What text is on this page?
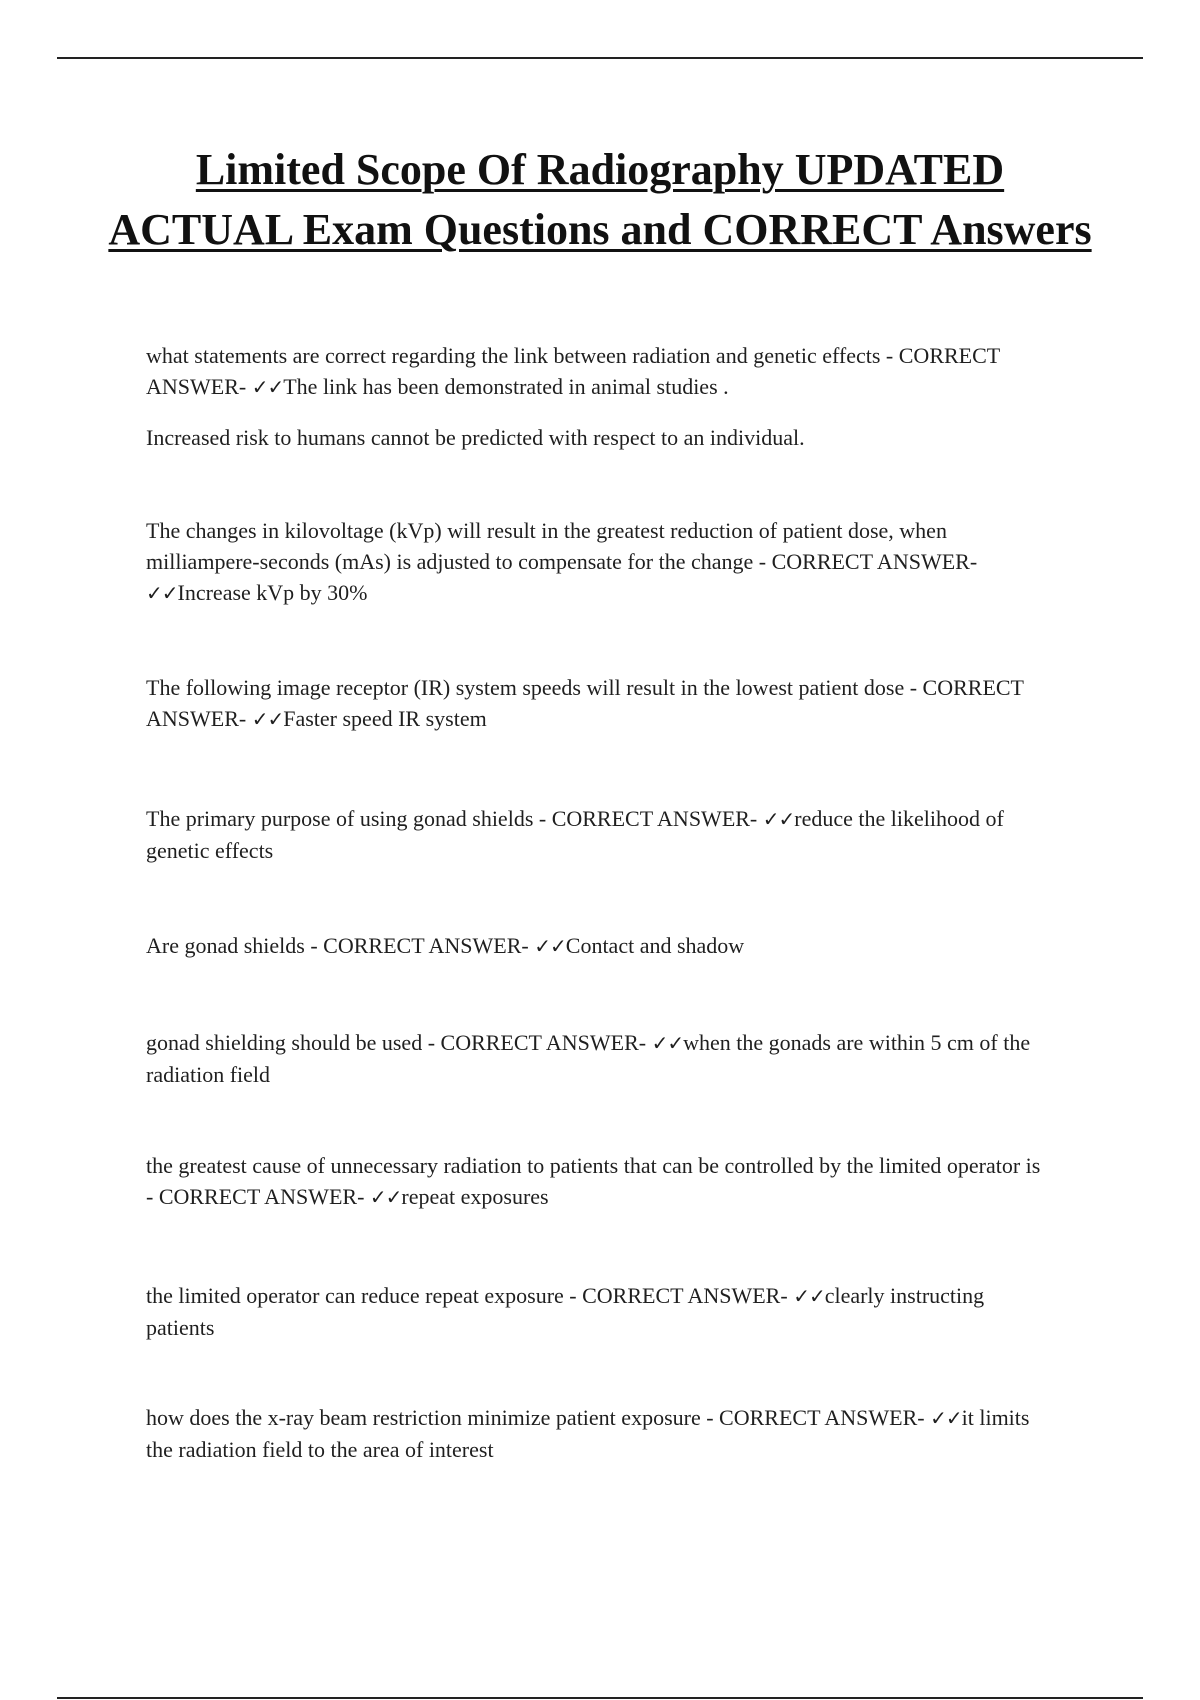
Limited Scope Of Radiography UPDATED ACTUAL Exam Questions and CORRECT Answers

what statements are correct regarding the link between radiation and genetic effects - CORRECT ANSWER- ✓✓The link has been demonstrated in animal studies .

Increased risk to humans cannot be predicted with respect to an individual.

The changes in kilovoltage (kVp) will result in the greatest reduction of patient dose, when milliampere-seconds (mAs) is adjusted to compensate for the change - CORRECT ANSWER- ✓✓Increase kVp by 30%

The following image receptor (IR) system speeds will result in the lowest patient dose - CORRECT ANSWER- ✓✓Faster speed IR system

The primary purpose of using gonad shields - CORRECT ANSWER- ✓✓reduce the likelihood of genetic effects

Are gonad shields - CORRECT ANSWER- ✓✓Contact and shadow

gonad shielding should be used - CORRECT ANSWER- ✓✓when the gonads are within 5 cm of the radiation field

the greatest cause of unnecessary radiation to patients that can be controlled by the limited operator is - CORRECT ANSWER- ✓✓repeat exposures

the limited operator can reduce repeat exposure - CORRECT ANSWER- ✓✓clearly instructing patients

how does the x-ray beam restriction minimize patient exposure - CORRECT ANSWER- ✓✓it limits the radiation field to the area of interest
